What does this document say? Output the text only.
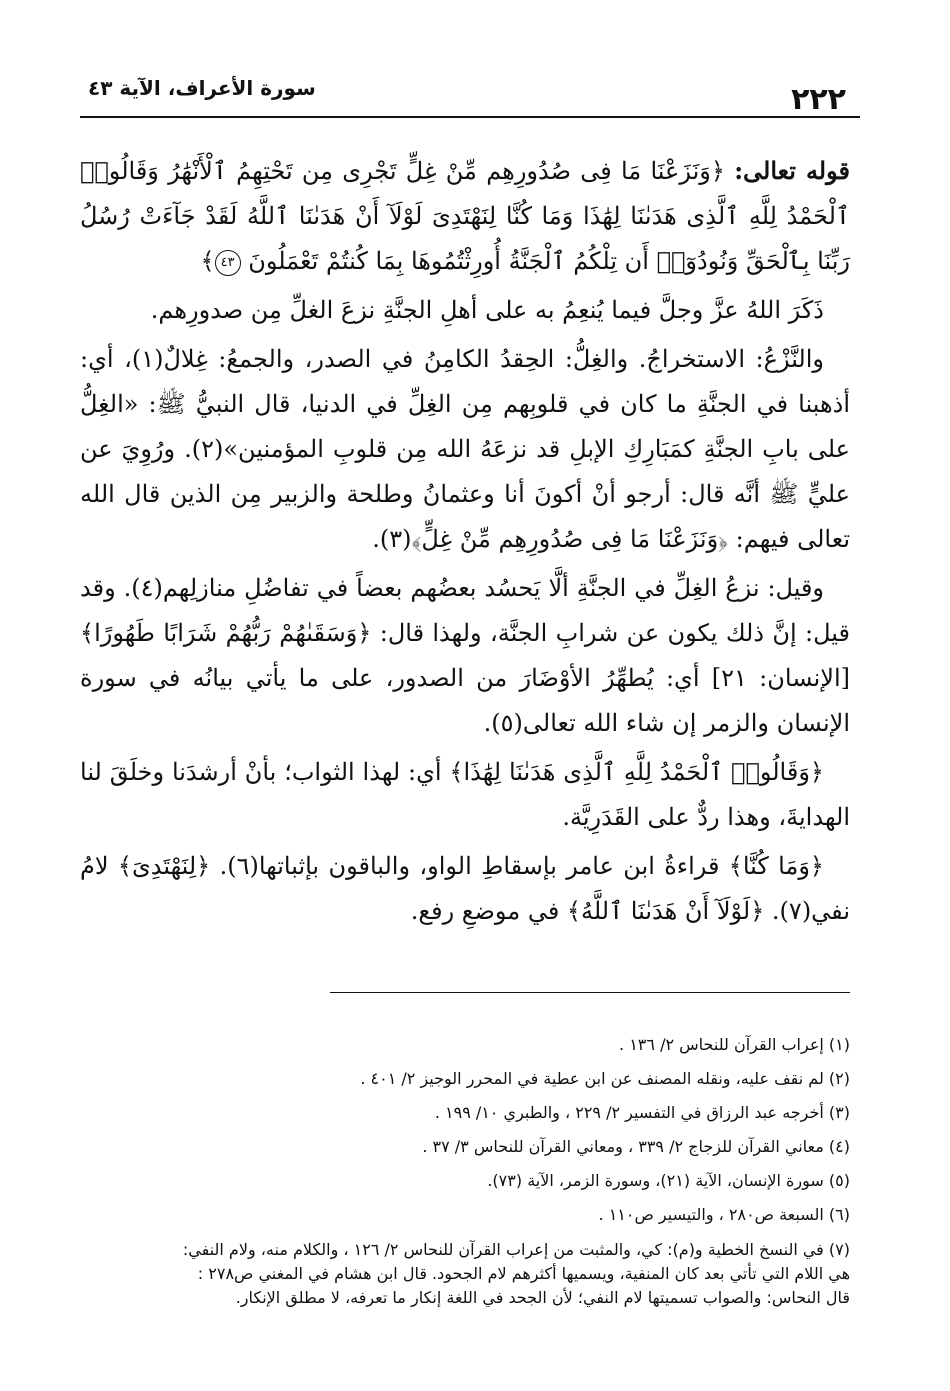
٢٢٢
سورة الأعراف، الآية ٤٣

قوله تعالى: ﴿وَنَزَعْنَا مَا فِى صُدُورِهِم مِّنْ غِلٍّ تَجْرِى مِن تَحْتِهِمُ ٱلْأَنْهَٰرُ وَقَالُوا۟ ٱلْحَمْدُ لِلَّهِ ٱلَّذِى هَدَىٰنَا لِهَٰذَا وَمَا كُنَّا لِنَهْتَدِىَ لَوْلَآ أَنْ هَدَىٰنَا ٱللَّهُ لَقَدْ جَآءَتْ رُسُلُ رَبِّنَا بِٱلْحَقِّ وَنُودُوٓا۟ أَن تِلْكُمُ ٱلْجَنَّةُ أُورِثْتُمُوهَا بِمَا كُنتُمْ تَعْمَلُونَ ٤٣﴾

ذَكَرَ اللهُ عزَّ وجلَّ فيما يُنعِمُ به على أهلِ الجنَّةِ نزعَ الغلِّ مِن صدورِهم.

والنَّزْعُ: الاستخراجُ. والغِلُّ: الحِقدُ الكامِنُ في الصدر، والجمعُ: غِلالٌ(١)، أي: أذهبنا في الجنَّةِ ما كان في قلوبِهم مِن الغِلِّ في الدنيا، قال النبيُّ ﷺ: «الغِلُّ على بابِ الجنَّةِ كمَبَارِكِ الإبلِ قد نزعَهُ الله مِن قلوبِ المؤمنين»(٢). ورُوِيَ عن عليٍّ ﷺ أنَّه قال: أرجو أنْ أكونَ أنا وعثمانُ وطلحة والزبير مِن الذين قال الله تعالى فيهم: ﴿وَنَزَعْنَا مَا فِى صُدُورِهِم مِّنْ غِلٍّ﴾(٣).

وقيل: نزعُ الغِلِّ في الجنَّةِ ألَّا يَحسُد بعضُهم بعضاً في تفاضُلِ منازلِهم(٤). وقد قيل: إنَّ ذلك يكون عن شرابِ الجنَّة، ولهذا قال: ﴿وَسَقَىٰهُمْ رَبُّهُمْ شَرَابًا طَهُورًا﴾ [الإنسان: ٢١] أي: يُطهِّرُ الأوْضَارَ من الصدور، على ما يأتي بيانُه في سورة الإنسان والزمر إن شاء الله تعالى(٥).

﴿وَقَالُوا۟ ٱلْحَمْدُ لِلَّهِ ٱلَّذِى هَدَىٰنَا لِهَٰذَا﴾ أي: لهذا الثواب؛ بأنْ أرشدَنا وخلَقَ لنا الهدايةَ، وهذا ردٌّ على القَدَرِيَّة.

﴿وَمَا كُنَّا﴾ قراءةُ ابن عامر بإسقاطِ الواو، والباقون بإثباتها(٦). ﴿لِنَهْتَدِىَ﴾ لامُ نفي(٧). ﴿لَوْلَآ أَنْ هَدَىٰنَا ٱللَّهُ﴾ في موضعِ رفع.

(١) إعراب القرآن للنحاس ٢/ ١٣٦ .

(٢) لم نقف عليه، ونقله المصنف عن ابن عطية في المحرر الوجيز ٢/ ٤٠١ .

(٣) أخرجه عبد الرزاق في التفسير ٢/ ٢٢٩ ، والطبري ١٠/ ١٩٩ .

(٤) معاني القرآن للزجاج ٢/ ٣٣٩ ، ومعاني القرآن للنحاس ٣/ ٣٧ .

(٥) سورة الإنسان، الآية (٢١)، وسورة الزمر، الآية (٧٣).

(٦) السبعة ص٢٨٠ ، والتيسير ص١١٠ .

(٧) في النسخ الخطية و(م): كي، والمثبت من إعراب القرآن للنحاس ٢/ ١٢٦ ، والكلام منه، ولام النفي:
هي اللام التي تأتي بعد كان المنفية، ويسميها أكثرهم لام الجحود. قال ابن هشام في المغني ص٢٧٨ :
قال النحاس: والصواب تسميتها لام النفي؛ لأن الجحد في اللغة إنكار ما تعرفه، لا مطلق الإنكار.
